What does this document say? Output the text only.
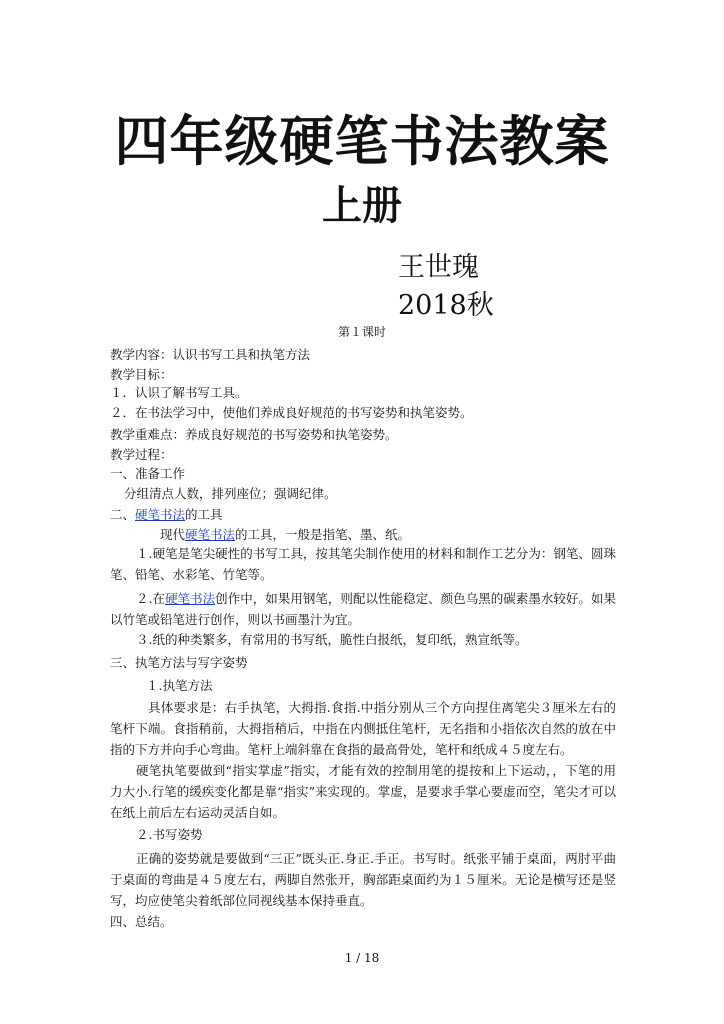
四年级硬笔书法教案
上册
王世瑰
2018秋
第１课时
教学内容：认识书写工具和执笔方法
教学目标：
１．认识了解书写工具。
２．在书法学习中，使他们养成良好规范的书写姿势和执笔姿势。
教学重难点：养成良好规范的书写姿势和执笔姿势。
教学过程：
一、准备工作
分组清点人数，排列座位；强调纪律。
二、硬笔书法的工具
现代硬笔书法的工具，一般是指笔、墨、纸。
１.硬笔是笔尖硬性的书写工具，按其笔尖制作使用的材料和制作工艺分为：钢笔、圆珠笔、铅笔、水彩笔、竹笔等。
２.在硬笔书法创作中，如果用钢笔，则配以性能稳定、颜色乌黑的碳素墨水较好。如果以竹笔或铅笔进行创作，则以书画墨汁为宜。
３.纸的种类繁多，有常用的书写纸，脆性白报纸，复印纸，熟宣纸等。
三、执笔方法与写字姿势
１.执笔方法
具体要求是：右手执笔，大拇指.食指.中指分别从三个方向捏住离笔尖３厘米左右的笔杆下端。食指稍前，大拇指稍后，中指在内侧抵住笔杆，无名指和小指依次自然的放在中指的下方并向手心弯曲。笔杆上端斜靠在食指的最高骨处，笔杆和纸成４５度左右。
硬笔执笔要做到“指实掌虚”指实，才能有效的控制用笔的提按和上下运动，，下笔的用力大小.行笔的缓疾变化都是靠“指实”来实现的。掌虚，是要求手掌心要虚而空，笔尖才可以在纸上前后左右运动灵活自如。
２.书写姿势
正确的姿势就是要做到“三正”既头正.身正.手正。书写时。纸张平铺于桌面，两肘平曲于桌面的弯曲是４５度左右，两脚自然张开，胸部距桌面约为１５厘米。无论是横写还是竖写，均应使笔尖着纸部位同视线基本保持垂直。
四、总结。
1 / 18
